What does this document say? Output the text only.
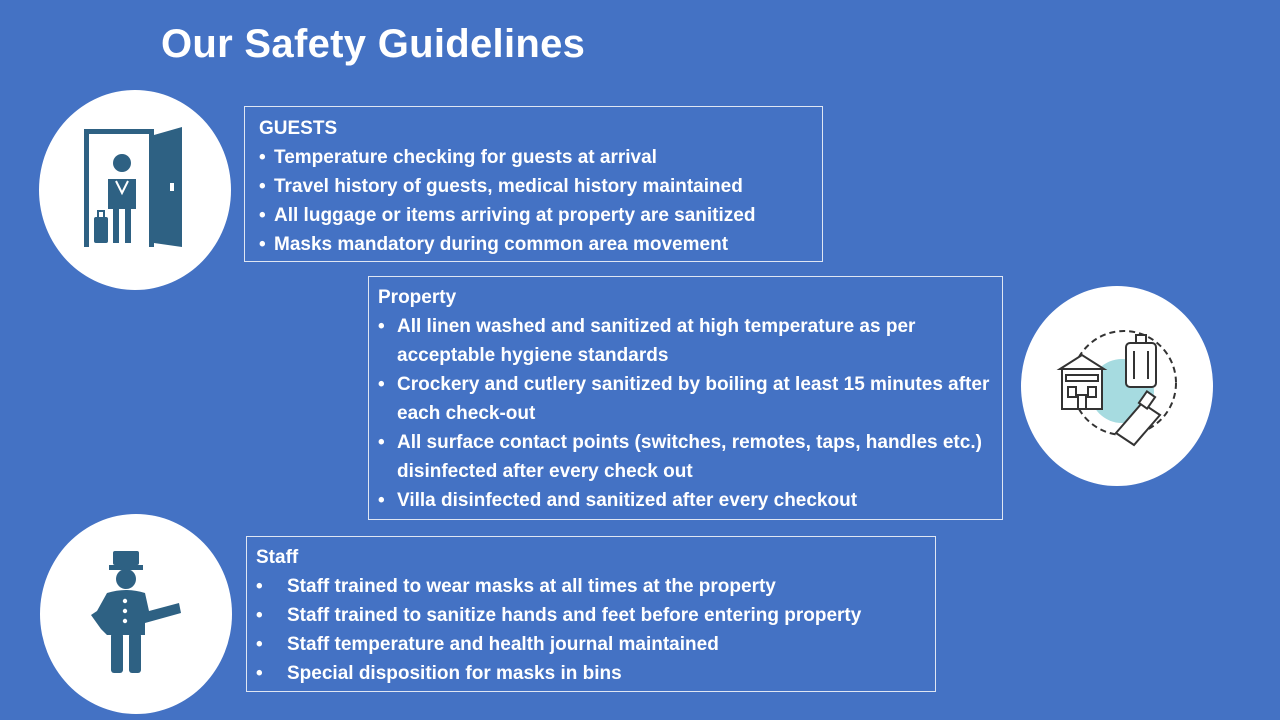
Our Safety Guidelines
GUESTS
• Temperature checking for guests at arrival
• Travel history of guests, medical history maintained
• All luggage or items arriving at property are sanitized
• Masks mandatory during common area movement
Property
• All linen washed and sanitized at high temperature as per acceptable hygiene standards
• Crockery and cutlery sanitized by boiling at least 15 minutes after each check-out
• All surface contact points (switches, remotes, taps, handles etc.) disinfected after every check out
• Villa disinfected and sanitized after every checkout
Staff
• Staff trained to wear masks at all times at the property
• Staff trained to sanitize hands and feet before entering property
• Staff temperature and health journal maintained
• Special disposition for masks in bins
